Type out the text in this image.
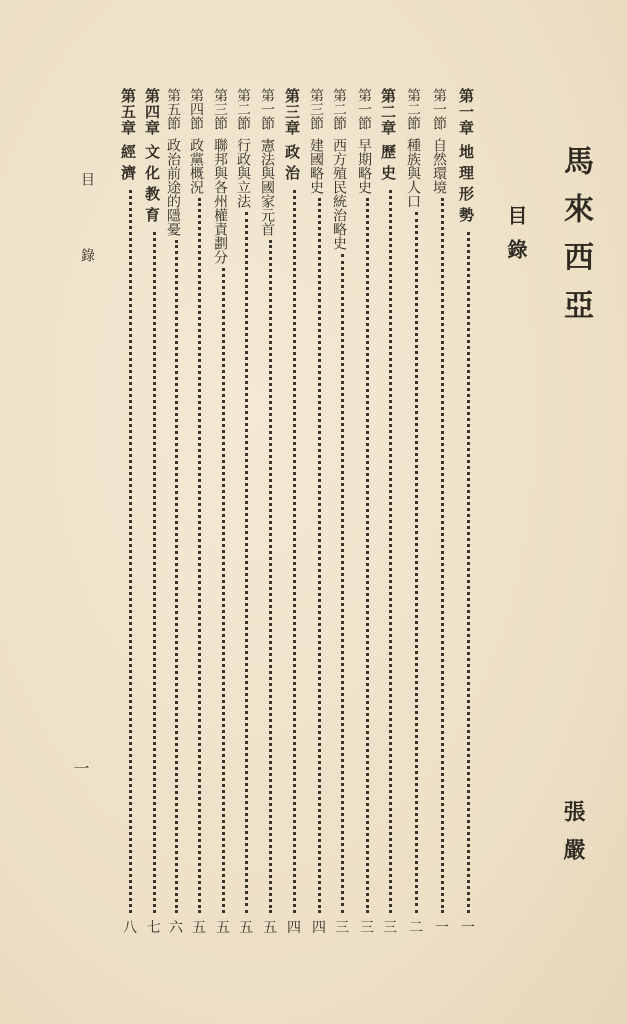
馬來西亞
張嚴
目錄
目錄
一
第一章地理形勢
一
第一節自然環境
一
第二節種族與人口
二
第二章歷史
三
第一節早期略史
三
第二節西方殖民統治略史
三
第三節建國略史
四
第三章政治
四
第一節憲法與國家元首
五
第二節行政與立法
五
第三節聯邦與各州權責劃分
五
第四節政黨概況
五
第五節政治前途的隱憂
六
第四章文化教育
七
第五章經濟
八
